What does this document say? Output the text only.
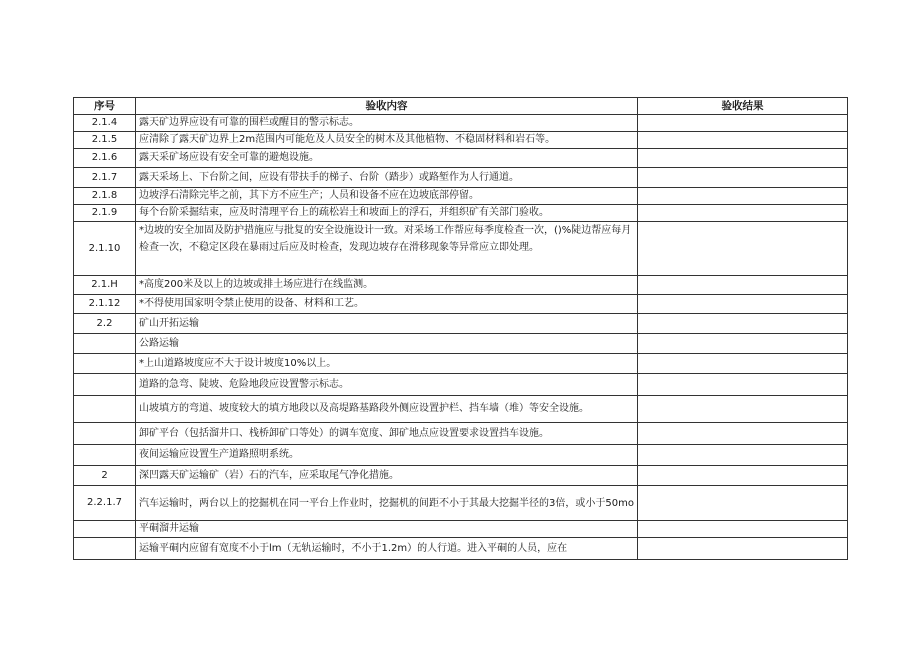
序号	验收内容	验收结果
2.1.4	露天矿边界应设有可靠的围栏或醒目的警示标志。	
2.1.5	应清除了露天矿边界上2m范围内可能危及人员安全的树木及其他植物、不稳固材料和岩石等。	
2.1.6	露天采矿场应设有安全可靠的避炮设施。	
2.1.7	露天采场上、下台阶之间，应设有带扶手的梯子、台阶（踏步）或路堑作为人行通道。	
2.1.8	边坡浮石清除完毕之前，其下方不应生产；人员和设备不应在边坡底部停留。	
2.1.9	每个台阶采掘结束，应及时清理平台上的疏松岩土和坡面上的浮石，并组织矿有关部门验收。	
2.1.10	*边坡的安全加固及防护措施应与批复的安全设施设计一致。对采场工作帮应每季度检查一次，()%陡边帮应每月检查一次，不稳定区段在暴雨过后应及时检查，发现边坡存在滑移现象等异常应立即处理。	
2.1.H	*高度200米及以上的边坡或排土场应进行在线监测。	
2.1.12	*不得使用国家明令禁止使用的设备、材料和工艺。	
2.2	矿山开拓运输	
	公路运输	
	*上山道路坡度应不大于设计坡度10%以上。	
	道路的急弯、陡坡、危险地段应设置警示标志。	
	山坡填方的弯道、坡度较大的填方地段以及高堤路基路段外侧应设置护栏、挡车墙（堆）等安全设施。	
	卸矿平台（包括溜井口、栈桥卸矿口等处）的调车宽度、卸矿地点应设置要求设置挡车设施。	
	夜间运输应设置生产道路照明系统。	
2	深凹露天矿运输矿（岩）石的汽车，应采取尾气净化措施。	
2.2.1.7	汽车运输时，两台以上的挖掘机在同一平台上作业时，挖掘机的间距不小于其最大挖掘半径的3倍，或小于50mo	
	平硐溜井运输	
	运输平硐内应留有宽度不小于lm（无轨运输时，不小于1.2m）的人行道。进入平硐的人员，应在	
